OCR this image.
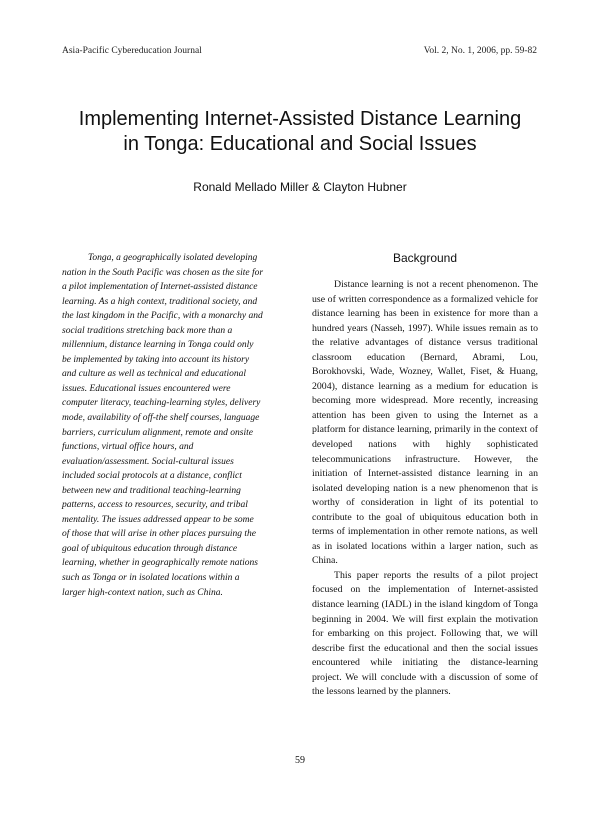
Asia-Pacific Cybereducation Journal	Vol. 2, No. 1, 2006, pp. 59-82
Implementing Internet-Assisted Distance Learning
in Tonga: Educational and Social Issues
Ronald Mellado Miller & Clayton Hubner
Tonga, a geographically isolated developing
nation in the South Pacific was chosen as the site for
a pilot implementation of Internet-assisted distance
learning. As a high context, traditional society, and
the last kingdom in the Pacific, with a monarchy and
social traditions stretching back more than a
millennium, distance learning in Tonga could only
be implemented by taking into account its history
and culture as well as technical and educational
issues. Educational issues encountered were
computer literacy, teaching-learning styles, delivery
mode, availability of off-the shelf courses, language
barriers, curriculum alignment, remote and onsite
functions, virtual office hours, and
evaluation/assessment. Social-cultural issues
included social protocols at a distance, conflict
between new and traditional teaching-learning
patterns, access to resources, security, and tribal
mentality. The issues addressed appear to be some
of those that will arise in other places pursuing the
goal of ubiquitous education through distance
learning, whether in geographically remote nations
such as Tonga or in isolated locations within a
larger high-context nation, such as China.
Background

Distance learning is not a recent phenomenon. The use of written correspondence as a formalized vehicle for distance learning has been in existence for more than a hundred years (Nasseh, 1997). While issues remain as to the relative advantages of distance versus traditional classroom education (Bernard, Abrami, Lou, Borokhovski, Wade, Wozney, Wallet, Fiset, & Huang, 2004), distance learning as a medium for education is becoming more widespread. More recently, increasing attention has been given to using the Internet as a platform for distance learning, primarily in the context of developed nations with highly sophisticated telecommunications infrastructure. However, the initiation of Internet-assisted distance learning in an isolated developing nation is a new phenomenon that is worthy of consideration in light of its potential to contribute to the goal of ubiquitous education both in terms of implementation in other remote nations, as well as in isolated locations within a larger nation, such as China.

This paper reports the results of a pilot project focused on the implementation of Internet-assisted distance learning (IADL) in the island kingdom of Tonga beginning in 2004. We will first explain the motivation for embarking on this project. Following that, we will describe first the educational and then the social issues encountered while initiating the distance-learning project. We will conclude with a discussion of some of the lessons learned by the planners.

59
